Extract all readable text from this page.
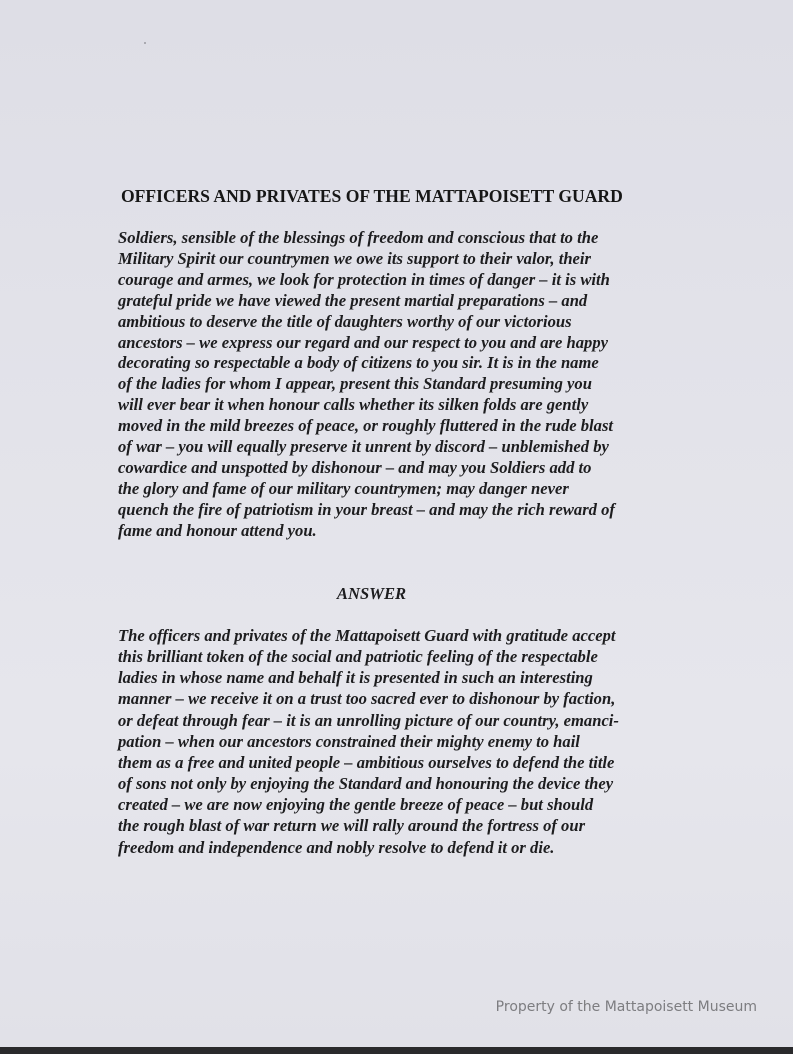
OFFICERS AND PRIVATES OF THE MATTAPOISETT GUARD

Soldiers, sensible of the blessings of freedom and conscious that to the
Military Spirit our countrymen we owe its support to their valor, their
courage and armes, we look for protection in times of danger – it is with
grateful pride we have viewed the present martial preparations – and
ambitious to deserve the title of daughters worthy of our victorious
ancestors – we express our regard and our respect to you and are happy
decorating so respectable a body of citizens to you sir. It is in the name
of the ladies for whom I appear, present this Standard presuming you
will ever bear it when honour calls whether its silken folds are gently
moved in the mild breezes of peace, or roughly fluttered in the rude blast
of war – you will equally preserve it unrent by discord – unblemished by
cowardice and unspotted by dishonour – and may you Soldiers add to
the glory and fame of our military countrymen; may danger never
quench the fire of patriotism in your breast – and may the rich reward of
fame and honour attend you.

ANSWER

The officers and privates of the Mattapoisett Guard with gratitude accept
this brilliant token of the social and patriotic feeling of the respectable
ladies in whose name and behalf it is presented in such an interesting
manner – we receive it on a trust too sacred ever to dishonour by faction,
or defeat through fear – it is an unrolling picture of our country, emanci-
pation – when our ancestors constrained their mighty enemy to hail
them as a free and united people – ambitious ourselves to defend the title
of sons not only by enjoying the Standard and honouring the device they
created – we are now enjoying the gentle breeze of peace – but should
the rough blast of war return we will rally around the fortress of our
freedom and independence and nobly resolve to defend it or die.

Property of the Mattapoisett Museum
